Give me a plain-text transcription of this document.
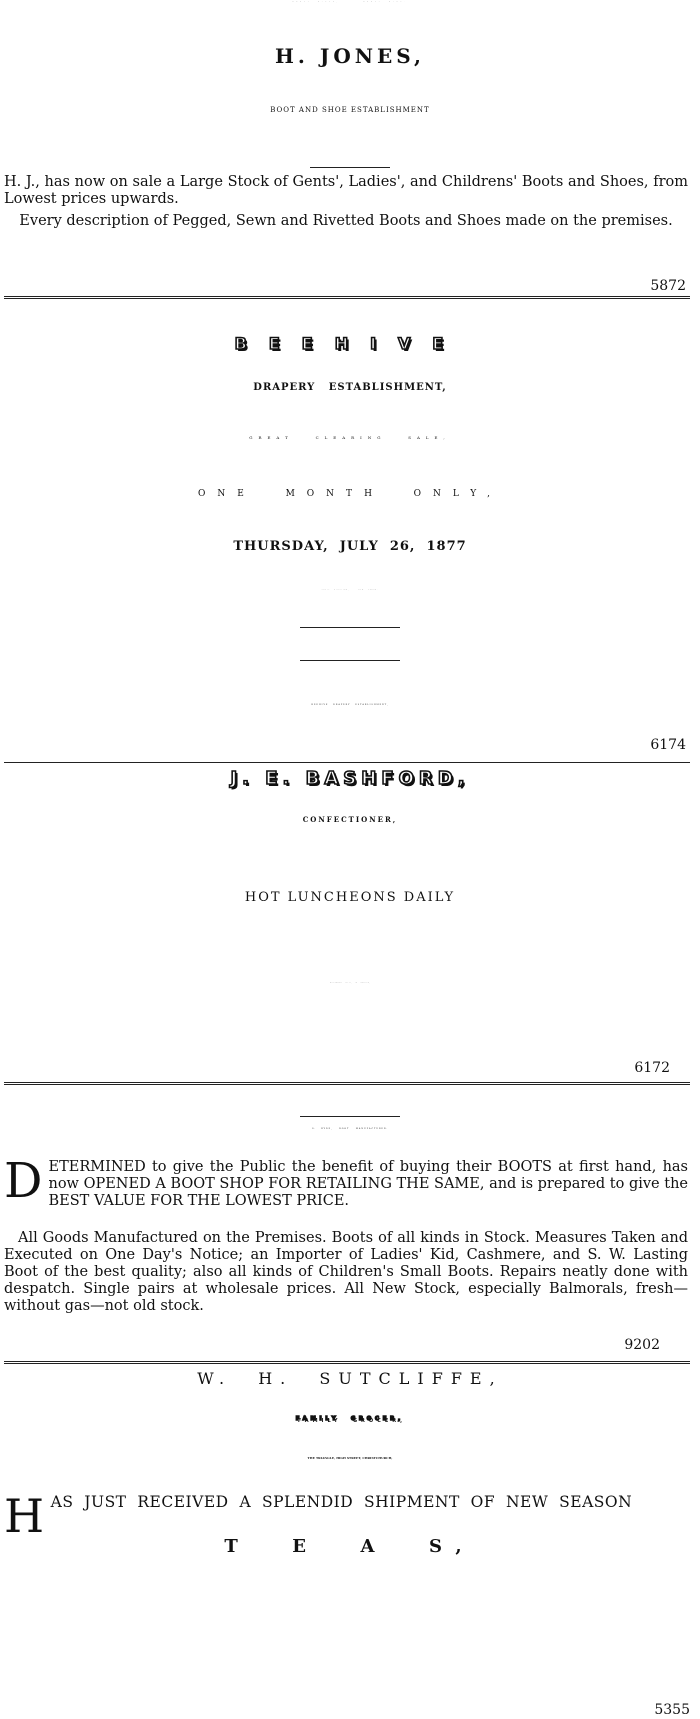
MONEY  SAVED,       MONEY  MADE.
H. JONES,
BOOT AND SHOE ESTABLISHMENT

H. J., has now on sale a Large Stock of Gents', Ladies', and Childrens' Boots and Shoes, from Lowest prices upwards.

Every description of Pegged, Sewn and Rivetted Boots and Shoes made on the premises.

5872
BEEHIVE
DRAPERY   ESTABLISHMENT,
GREAT   CLEARING   SALE,
ONE  MONTH  ONLY,
THURSDAY,  JULY  26,  1877
GREAT   BARGAINS,       NEW   GOODS.
BEEHIVE   DRAPERY   ESTABLISHMENT,
6174
J. E. BASHFORD,
CONFECTIONER,
HOT LUNCHEONS DAILY
CALVESFOOT    JELLY,    IN    BOTTLES,
6172
G.   HYDE,    BOOT    MANUFACTURER.
D ETERMINED to give the Public the benefit of buying their BOOTS at first hand, has now OPENED A BOOT SHOP FOR RETAILING THE SAME, and is prepared to give the BEST VALUE FOR THE LOWEST PRICE.
All Goods Manufactured on the Premises. Boots of all kinds in Stock. Measures Taken and Executed on One Day's Notice; an Importer of Ladies' Kid, Cashmere, and S. W. Lasting Boot of the best quality; also all kinds of Children's Small Boots. Repairs neatly done with despatch. Single pairs at wholesale prices. All New Stock, especially Balmorals, fresh—without gas—not old stock.
9202
W.  H.  SUTCLIFFE,
FAMILY  GROCER,
THE TRIANGLE, HIGH STREET, CHRISTCHURCH,
H AS  JUST  RECEIVED  A  SPLENDID  SHIPMENT  OF  NEW  SEASON
T  E  A  S,
5355
